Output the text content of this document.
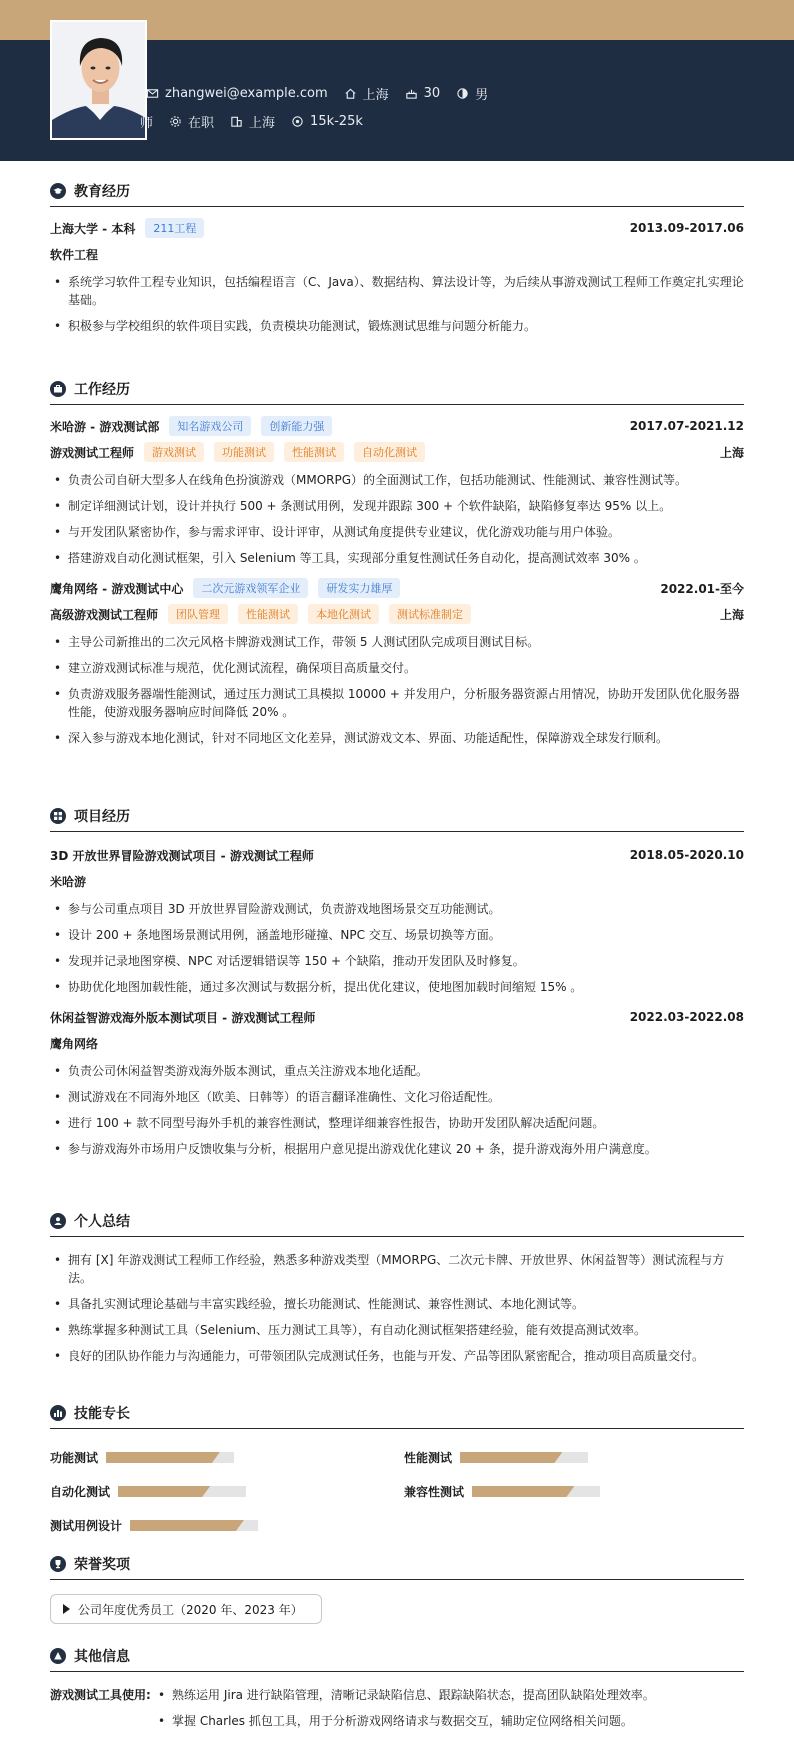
zhangwei@example.com	上海	30	男
师	在职	上海	15k-25k
教育经历
上海大学 - 本科	211工程	2013.09-2017.06
软件工程
• 系统学习软件工程专业知识，包括编程语言（C、Java）、数据结构、算法设计等，为后续从事游戏测试工程师工作奠定扎实理论基础。
• 积极参与学校组织的软件项目实践，负责模块功能测试，锻炼测试思维与问题分析能力。
工作经历
米哈游 - 游戏测试部	知名游戏公司	创新能力强	2017.07-2021.12
游戏测试工程师	游戏测试	功能测试	性能测试	自动化测试	上海
• 负责公司自研大型多人在线角色扮演游戏（MMORPG）的全面测试工作，包括功能测试、性能测试、兼容性测试等。
• 制定详细测试计划，设计并执行 500 + 条测试用例，发现并跟踪 300 + 个软件缺陷，缺陷修复率达 95% 以上。
• 与开发团队紧密协作，参与需求评审、设计评审，从测试角度提供专业建议，优化游戏功能与用户体验。
• 搭建游戏自动化测试框架，引入 Selenium 等工具，实现部分重复性测试任务自动化，提高测试效率 30% 。
鹰角网络 - 游戏测试中心	二次元游戏领军企业	研发实力雄厚	2022.01-至今
高级游戏测试工程师	团队管理	性能测试	本地化测试	测试标准制定	上海
• 主导公司新推出的二次元风格卡牌游戏测试工作，带领 5 人测试团队完成项目测试目标。
• 建立游戏测试标准与规范，优化测试流程，确保项目高质量交付。
• 负责游戏服务器端性能测试，通过压力测试工具模拟 10000 + 并发用户，分析服务器资源占用情况，协助开发团队优化服务器性能，使游戏服务器响应时间降低 20% 。
• 深入参与游戏本地化测试，针对不同地区文化差异，测试游戏文本、界面、功能适配性，保障游戏全球发行顺利。
项目经历
3D 开放世界冒险游戏测试项目 - 游戏测试工程师	2018.05-2020.10
米哈游
• 参与公司重点项目 3D 开放世界冒险游戏测试，负责游戏地图场景交互功能测试。
• 设计 200 + 条地图场景测试用例，涵盖地形碰撞、NPC 交互、场景切换等方面。
• 发现并记录地图穿模、NPC 对话逻辑错误等 150 + 个缺陷，推动开发团队及时修复。
• 协助优化地图加载性能，通过多次测试与数据分析，提出优化建议，使地图加载时间缩短 15% 。
休闲益智游戏海外版本测试项目 - 游戏测试工程师	2022.03-2022.08
鹰角网络
• 负责公司休闲益智类游戏海外版本测试，重点关注游戏本地化适配。
• 测试游戏在不同海外地区（欧美、日韩等）的语言翻译准确性、文化习俗适配性。
• 进行 100 + 款不同型号海外手机的兼容性测试，整理详细兼容性报告，协助开发团队解决适配问题。
• 参与游戏海外市场用户反馈收集与分析，根据用户意见提出游戏优化建议 20 + 条，提升游戏海外用户满意度。
个人总结
• 拥有 [X] 年游戏测试工程师工作经验，熟悉多种游戏类型（MMORPG、二次元卡牌、开放世界、休闲益智等）测试流程与方法。
• 具备扎实测试理论基础与丰富实践经验，擅长功能测试、性能测试、兼容性测试、本地化测试等。
• 熟练掌握多种测试工具（Selenium、压力测试工具等），有自动化测试框架搭建经验，能有效提高测试效率。
• 良好的团队协作能力与沟通能力，可带领团队完成测试任务，也能与开发、产品等团队紧密配合，推动项目高质量交付。
技能专长
功能测试	性能测试
自动化测试	兼容性测试
测试用例设计
荣誉奖项
公司年度优秀员工（2020 年、2023 年）
其他信息
游戏测试工具使用:
•	熟练运用 Jira 进行缺陷管理，清晰记录缺陷信息、跟踪缺陷状态，提高团队缺陷处理效率。
• 掌握 Charles 抓包工具，用于分析游戏网络请求与数据交互，辅助定位网络相关问题。
